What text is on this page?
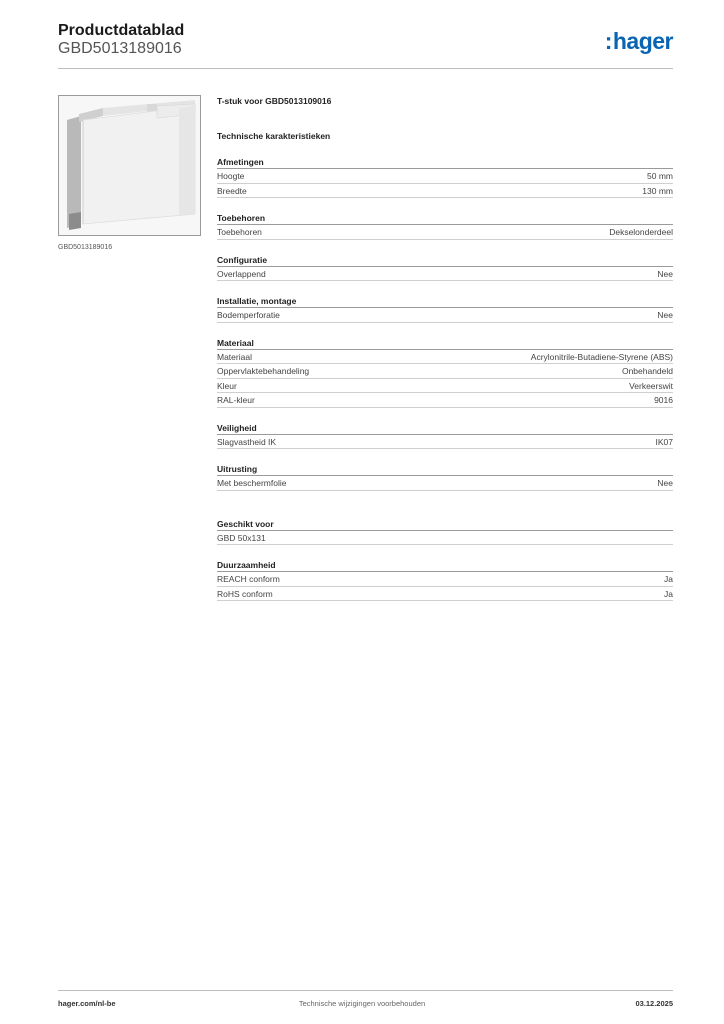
Productdatablad
GBD5013189016	:hager
GBD5013189016
T-stuk voor GBD5013109016
Technische karakteristieken
Afmetingen
Hoogte	50 mm
Breedte	130 mm
Toebehoren
Toebehoren	Dekselonderdeel
Configuratie
Overlappend	Nee
Installatie, montage
Bodemperforatie	Nee
Materiaal
Materiaal	Acrylonitrile-Butadiene-Styrene (ABS)
Oppervlaktebehandeling	Onbehandeld
Kleur	Verkeerswit
RAL-kleur	9016
Veiligheid
Slagvastheid IK	IK07
Uitrusting
Met beschermfolie	Nee
Geschikt voor
GBD 50x131
Duurzaamheid
REACH conform	Ja
RoHS conform	Ja
hager.com/nl-be	Technische wijzigingen voorbehouden	03.12.2025
